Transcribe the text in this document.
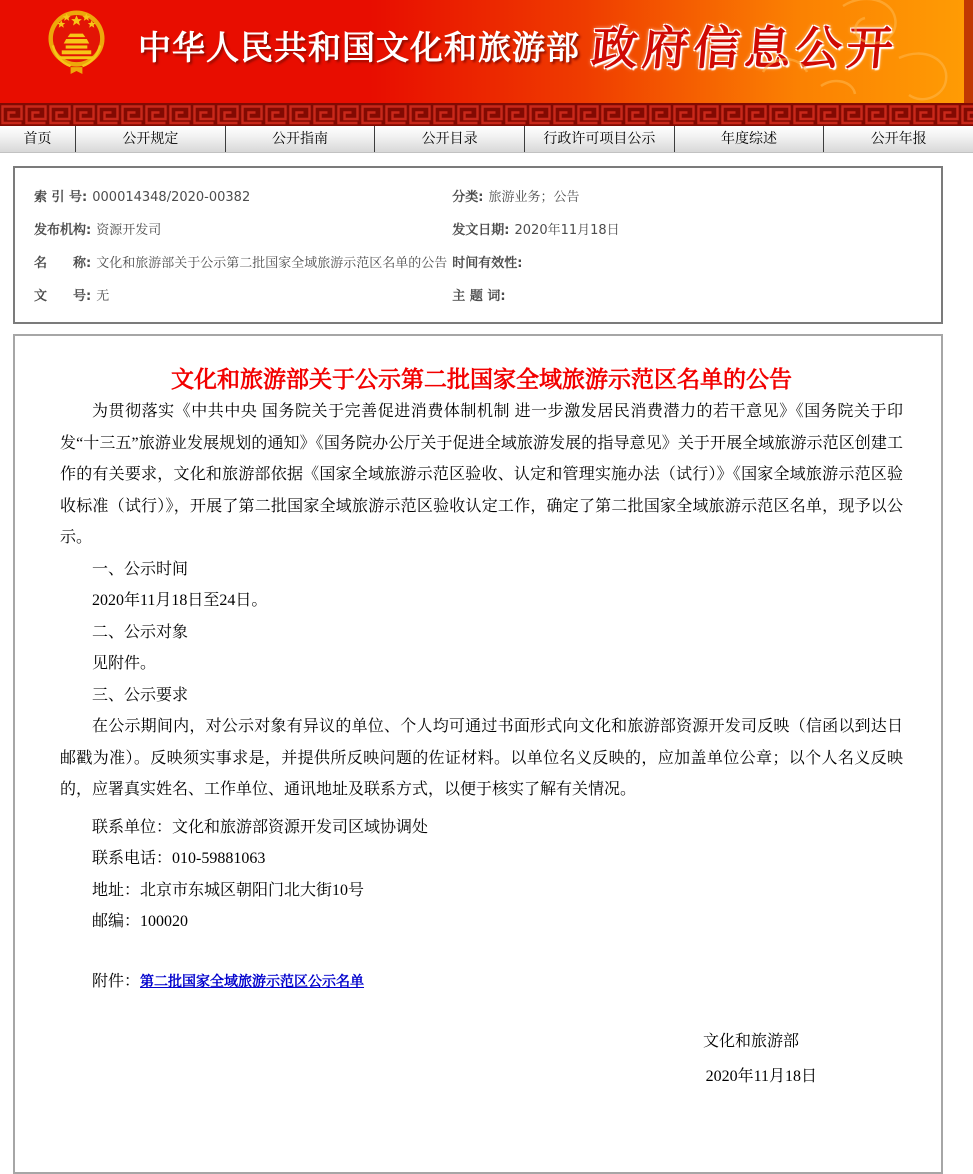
中华人民共和国文化和旅游部 政府信息公开
首页	公开规定	公开指南	公开目录	行政许可项目公示	年度综述	公开年报
索 引 号: 000014348/2020-00382	分类: 旅游业务；公告
发布机构: 资源开发司	发文日期: 2020年11月18日
名　　称: 文化和旅游部关于公示第二批国家全域旅游示范区名单的公告	时间有效性:
文　　号: 无	主 题 词:
文化和旅游部关于公示第二批国家全域旅游示范区名单的公告

为贯彻落实《中共中央 国务院关于完善促进消费体制机制 进一步激发居民消费潜力的若干意见》《国务院关于印发“十三五”旅游业发展规划的通知》《国务院办公厅关于促进全域旅游发展的指导意见》关于开展全域旅游示范区创建工作的有关要求，文化和旅游部依据《国家全域旅游示范区验收、认定和管理实施办法（试行）》《国家全域旅游示范区验收标准（试行）》，开展了第二批国家全域旅游示范区验收认定工作，确定了第二批国家全域旅游示范区名单，现予以公示。

一、公示时间

2020年11月18日至24日。

二、公示对象

见附件。

三、公示要求

在公示期间内，对公示对象有异议的单位、个人均可通过书面形式向文化和旅游部资源开发司反映（信函以到达日邮戳为准）。反映须实事求是，并提供所反映问题的佐证材料。以单位名义反映的，应加盖单位公章；以个人名义反映的，应署真实姓名、工作单位、通讯地址及联系方式，以便于核实了解有关情况。

联系单位：文化和旅游部资源开发司区域协调处

联系电话：010-59881063

地址：北京市东城区朝阳门北大街10号

邮编：100020

附件：第二批国家全域旅游示范区公示名单

文化和旅游部

2020年11月18日
